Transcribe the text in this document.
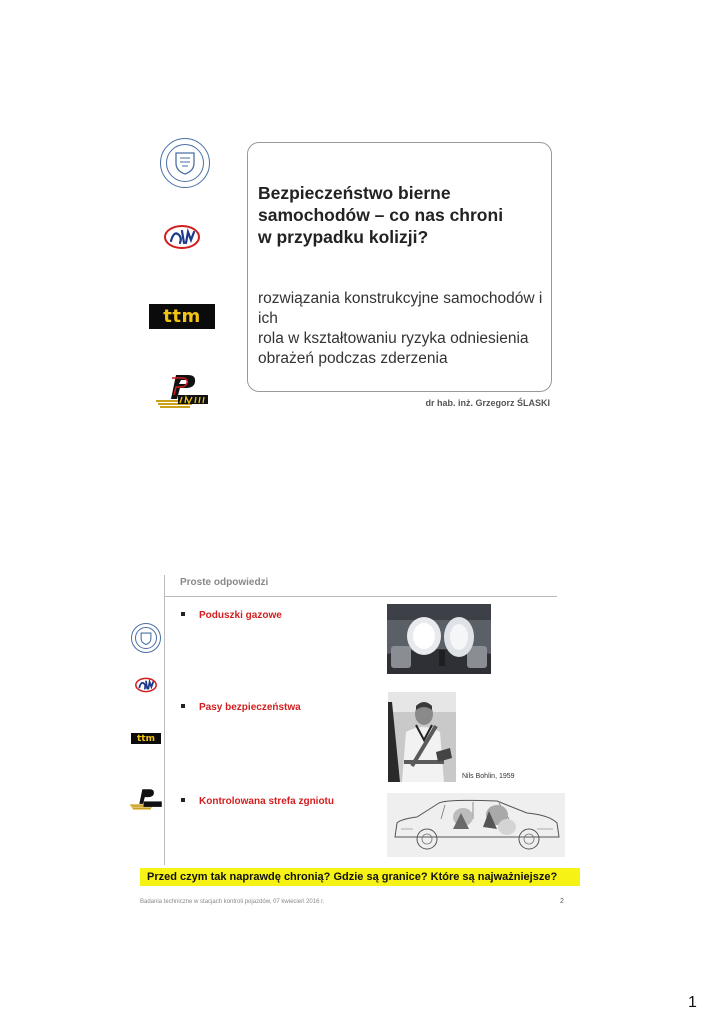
ttm
Bezpieczeństwo bierne
samochodów – co nas chroni
w przypadku kolizji?
rozwiązania konstrukcyjne samochodów i ich
rola w kształtowaniu ryzyka odniesienia
obrażeń podczas zderzenia
dr hab. inż. Grzegorz ŚLASKI
Proste odpowiedzi
ttm
Poduszki gazowe
Pasy bezpieczeństwa
Kontrolowana strefa zgniotu
Nils Bohlin, 1959
Przed czym tak naprawdę chronią? Gdzie są granice? Które są najważniejsze?
Badania techniczne w stacjach kontroli pojazdów, 07 kwiecień 2016 r.	2
1
